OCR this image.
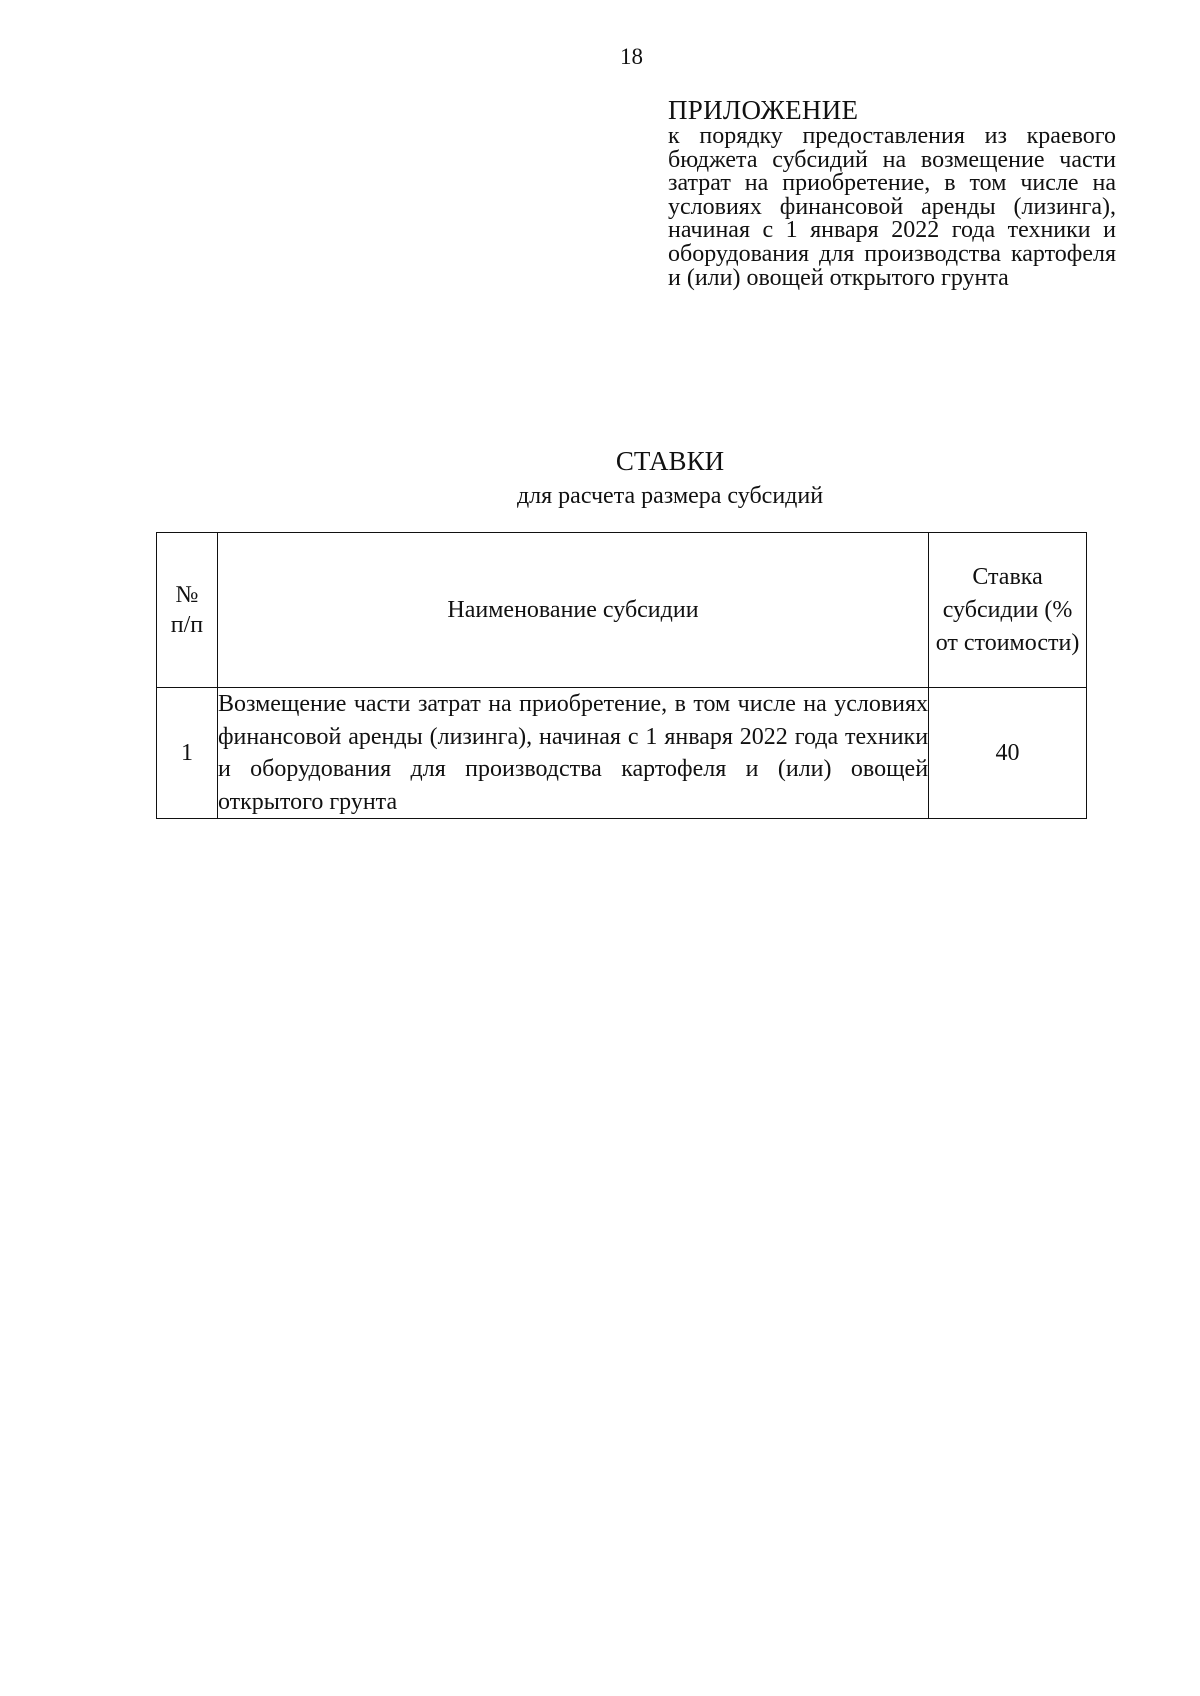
18
ПРИЛОЖЕНИЕ
к порядку предоставления из краевого бюджета субсидий на возмещение части затрат на приобретение, в том числе на условиях финансовой аренды (лизинга), начиная с 1 января 2022 года техники и оборудования для производства картофеля и (или) овощей открытого грунта
СТАВКИ
для расчета размера субсидий
№
п/п	Наименование субсидии	Ставка субсидии (% от стоимости)
1	Возмещение части затрат на приобретение, в том числе на условиях финансовой аренды (лизинга), начиная с 1 января 2022 года техники и оборудования для производства картофеля и (или) овощей открытого грунта	40
